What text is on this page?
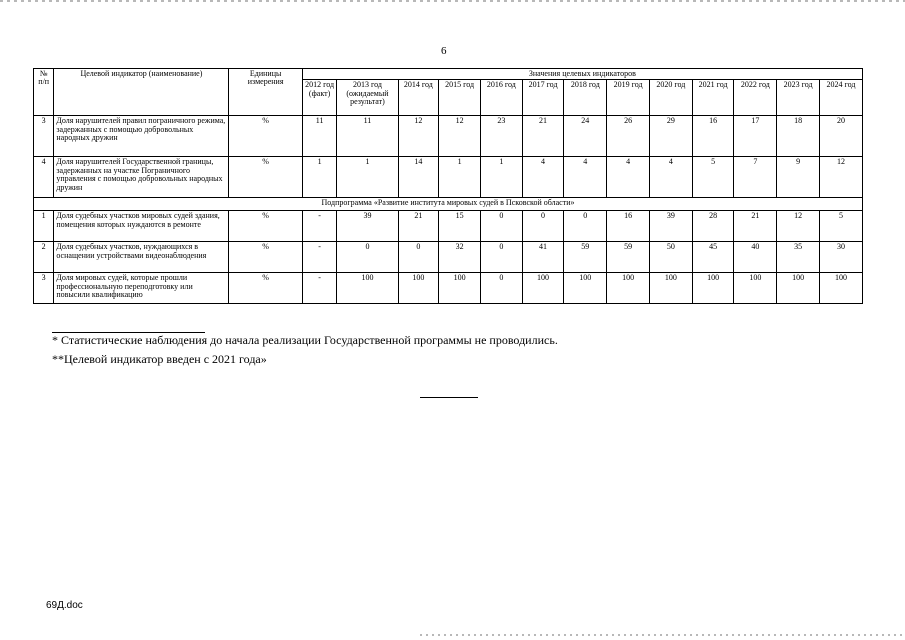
6
№
п/п	Целевой индикатор (наименование)	Единицы измерения	Значения целевых индикаторов												
			2012 год (факт)	2013 год (ожидаемый результат)	2014 год	2015 год	2016 год	2017 год	2018 год	2019 год	2020 год	2021 год	2022 год	2023 год	2024 год
3	Доля нарушителей правил пограничного режима, задержанных с помощью добровольных народных дружин	%	11	11	12	12	23	21	24	26	29	16	17	18	20
4	Доля нарушителей Государственной границы, задержанных на участке Пограничного управления с помощью добровольных народных дружин	%	1	1	14	1	1	4	4	4	4	5	7	9	12
Подпрограмма «Развитие института мировых судей в Псковской области»															
1	Доля судебных участков мировых судей здания, помещения которых нуждаются в ремонте	%	-	39	21	15	0	0	0	16	39	28	21	12	5
2	Доля судебных участков, нуждающихся в оснащении устройствами видеонаблюдения	%	-	0	0	32	0	41	59	59	50	45	40	35	30
3	Доля мировых судей, которые прошли профессиональную переподготовку или повысили квалификацию	%	-	100	100	100	0	100	100	100	100	100	100	100	100
* Статистические наблюдения до начала реализации Государственной программы не проводились.
**Целевой индикатор введен с 2021 года»
69Д.doc
